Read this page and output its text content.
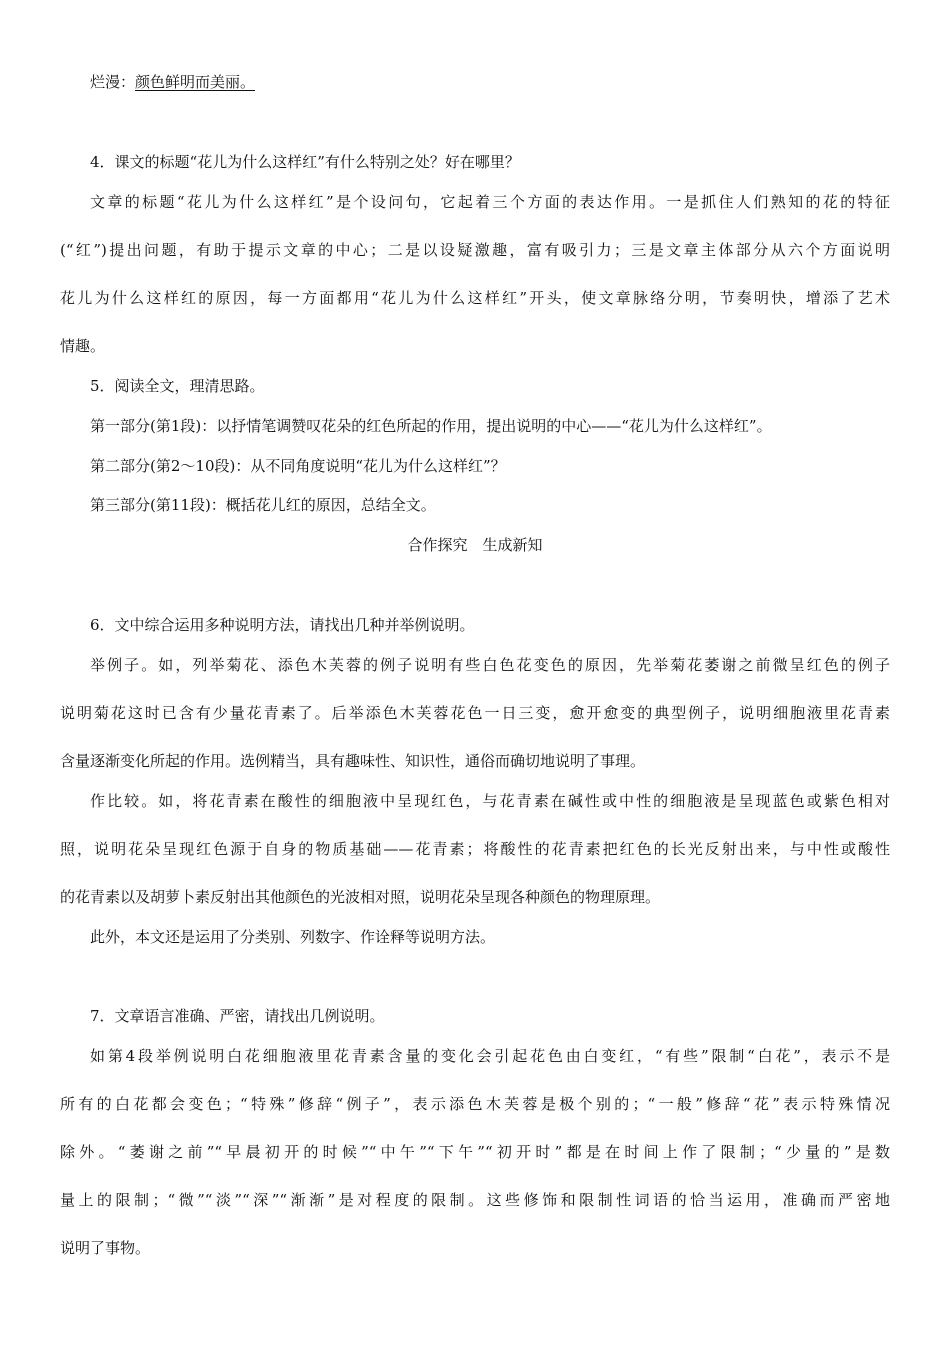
烂漫：颜色鲜明而美丽。
4．课文的标题“花儿为什么这样红”有什么特别之处？好在哪里？
文章的标题“花儿为什么这样红”是个设问句，它起着三个方面的表达作用。一是抓住人们熟知的花的特征
(“红”)提出问题，有助于提示文章的中心；二是以设疑激趣，富有吸引力；三是文章主体部分从六个方面说明
花儿为什么这样红的原因，每一方面都用“花儿为什么这样红”开头，使文章脉络分明，节奏明快，增添了艺术
情趣。
5．阅读全文，理清思路。
第一部分(第1段)：以抒情笔调赞叹花朵的红色所起的作用，提出说明的中心——“花儿为什么这样红”。
第二部分(第2～10段)：从不同角度说明“花儿为什么这样红”？
第三部分(第11段)：概括花儿红的原因，总结全文。
合作探究　生成新知
6．文中综合运用多种说明方法，请找出几种并举例说明。
举例子。如，列举菊花、添色木芙蓉的例子说明有些白色花变色的原因，先举菊花萎谢之前微呈红色的例子
说明菊花这时已含有少量花青素了。后举添色木芙蓉花色一日三变，愈开愈变的典型例子，说明细胞液里花青素
含量逐渐变化所起的作用。选例精当，具有趣味性、知识性，通俗而确切地说明了事理。
作比较。如，将花青素在酸性的细胞液中呈现红色，与花青素在碱性或中性的细胞液是呈现蓝色或紫色相对
照，说明花朵呈现红色源于自身的物质基础——花青素；将酸性的花青素把红色的长光反射出来，与中性或酸性
的花青素以及胡萝卜素反射出其他颜色的光波相对照，说明花朵呈现各种颜色的物理原理。
此外，本文还是运用了分类别、列数字、作诠释等说明方法。
7．文章语言准确、严密，请找出几例说明。
如第4段举例说明白花细胞液里花青素含量的变化会引起花色由白变红，“有些”限制“白花”，表示不是
所有的白花都会变色；“特殊”修辞“例子”，表示添色木芙蓉是极个别的；“一般”修辞“花”表示特殊情况
除外。“萎谢之前”“早晨初开的时候”“中午”“下午”“初开时”都是在时间上作了限制；“少量的”是数
量上的限制；“微”“淡”“深”“渐渐”是对程度的限制。这些修饰和限制性词语的恰当运用，准确而严密地
说明了事物。
